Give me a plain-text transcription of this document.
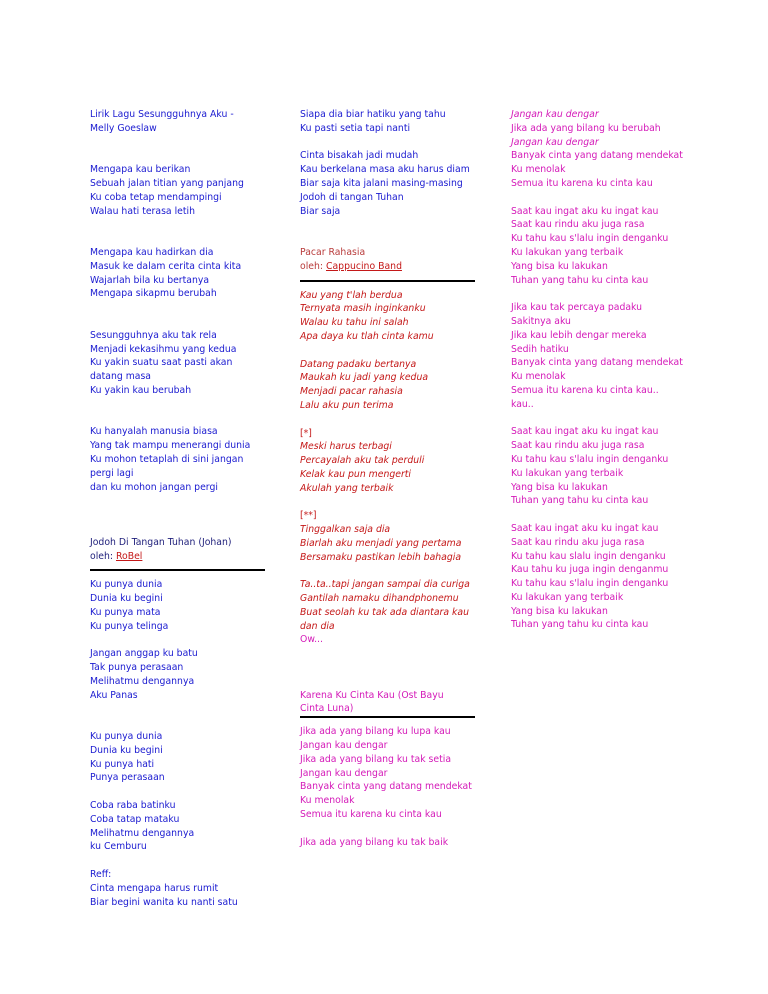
Lirik Lagu Sesungguhnya Aku -
Melly Goeslaw
Mengapa kau berikan
Sebuah jalan titian yang panjang
Ku coba tetap mendampingi
Walau hati terasa letih
Mengapa kau hadirkan dia
Masuk ke dalam cerita cinta kita
Wajarlah bila ku bertanya
Mengapa sikapmu berubah
Sesungguhnya aku tak rela
Menjadi kekasihmu yang kedua
Ku yakin suatu saat pasti akan
datang masa
Ku yakin kau berubah
Ku hanyalah manusia biasa
Yang tak mampu menerangi dunia
Ku mohon tetaplah di sini jangan
pergi lagi
dan ku mohon jangan pergi
Jodoh Di Tangan Tuhan (Johan)
oleh: RoBel
Ku punya dunia
Dunia ku begini
Ku punya mata
Ku punya telinga
Jangan anggap ku batu
Tak punya perasaan
Melihatmu dengannya
Aku Panas
Ku punya dunia
Dunia ku begini
Ku punya hati
Punya perasaan
Coba raba batinku
Coba tatap mataku
Melihatmu dengannya
ku Cemburu
Reff:
Cinta mengapa harus rumit
Biar begini wanita ku nanti satu
Siapa dia biar hatiku yang tahu
Ku pasti setia tapi nanti
Cinta bisakah jadi mudah
Kau berkelana masa aku harus diam
Biar saja kita jalani masing-masing
Jodoh di tangan Tuhan
Biar saja
Pacar Rahasia
oleh: Cappucino Band
Kau yang t'lah berdua
Ternyata masih inginkanku
Walau ku tahu ini salah
Apa daya ku tlah cinta kamu
Datang padaku bertanya
Maukah ku jadi yang kedua
Menjadi pacar rahasia
Lalu aku pun terima
[*]
Meski harus terbagi
Percayalah aku tak perduli
Kelak kau pun mengerti
Akulah yang terbaik
[**]
Tinggalkan saja dia
Biarlah aku menjadi yang pertama
Bersamaku pastikan lebih bahagia
Ta..ta..tapi jangan sampai dia curiga
Gantilah namaku dihandphonemu
Buat seolah ku tak ada diantara kau
dan dia
Ow...
Karena Ku Cinta Kau (Ost Bayu
Cinta Luna)
Jika ada yang bilang ku lupa kau
Jangan kau dengar
Jika ada yang bilang ku tak setia
Jangan kau dengar
Banyak cinta yang datang mendekat
Ku menolak
Semua itu karena ku cinta kau
Jika ada yang bilang ku tak baik
Jangan kau dengar
Jika ada yang bilang ku berubah
Jangan kau dengar
Banyak cinta yang datang mendekat
Ku menolak
Semua itu karena ku cinta kau
Saat kau ingat aku ku ingat kau
Saat kau rindu aku juga rasa
Ku tahu kau s'lalu ingin denganku
Ku lakukan yang terbaik
Yang bisa ku lakukan
Tuhan yang tahu ku cinta kau
Jika kau tak percaya padaku
Sakitnya aku
Jika kau lebih dengar mereka
Sedih hatiku
Banyak cinta yang datang mendekat
Ku menolak
Semua itu karena ku cinta kau..
kau..
Saat kau ingat aku ku ingat kau
Saat kau rindu aku juga rasa
Ku tahu kau s'lalu ingin denganku
Ku lakukan yang terbaik
Yang bisa ku lakukan
Tuhan yang tahu ku cinta kau
Saat kau ingat aku ku ingat kau
Saat kau rindu aku juga rasa
Ku tahu kau slalu ingin denganku
Kau tahu ku juga ingin denganmu
Ku tahu kau s'lalu ingin denganku
Ku lakukan yang terbaik
Yang bisa ku lakukan
Tuhan yang tahu ku cinta kau
